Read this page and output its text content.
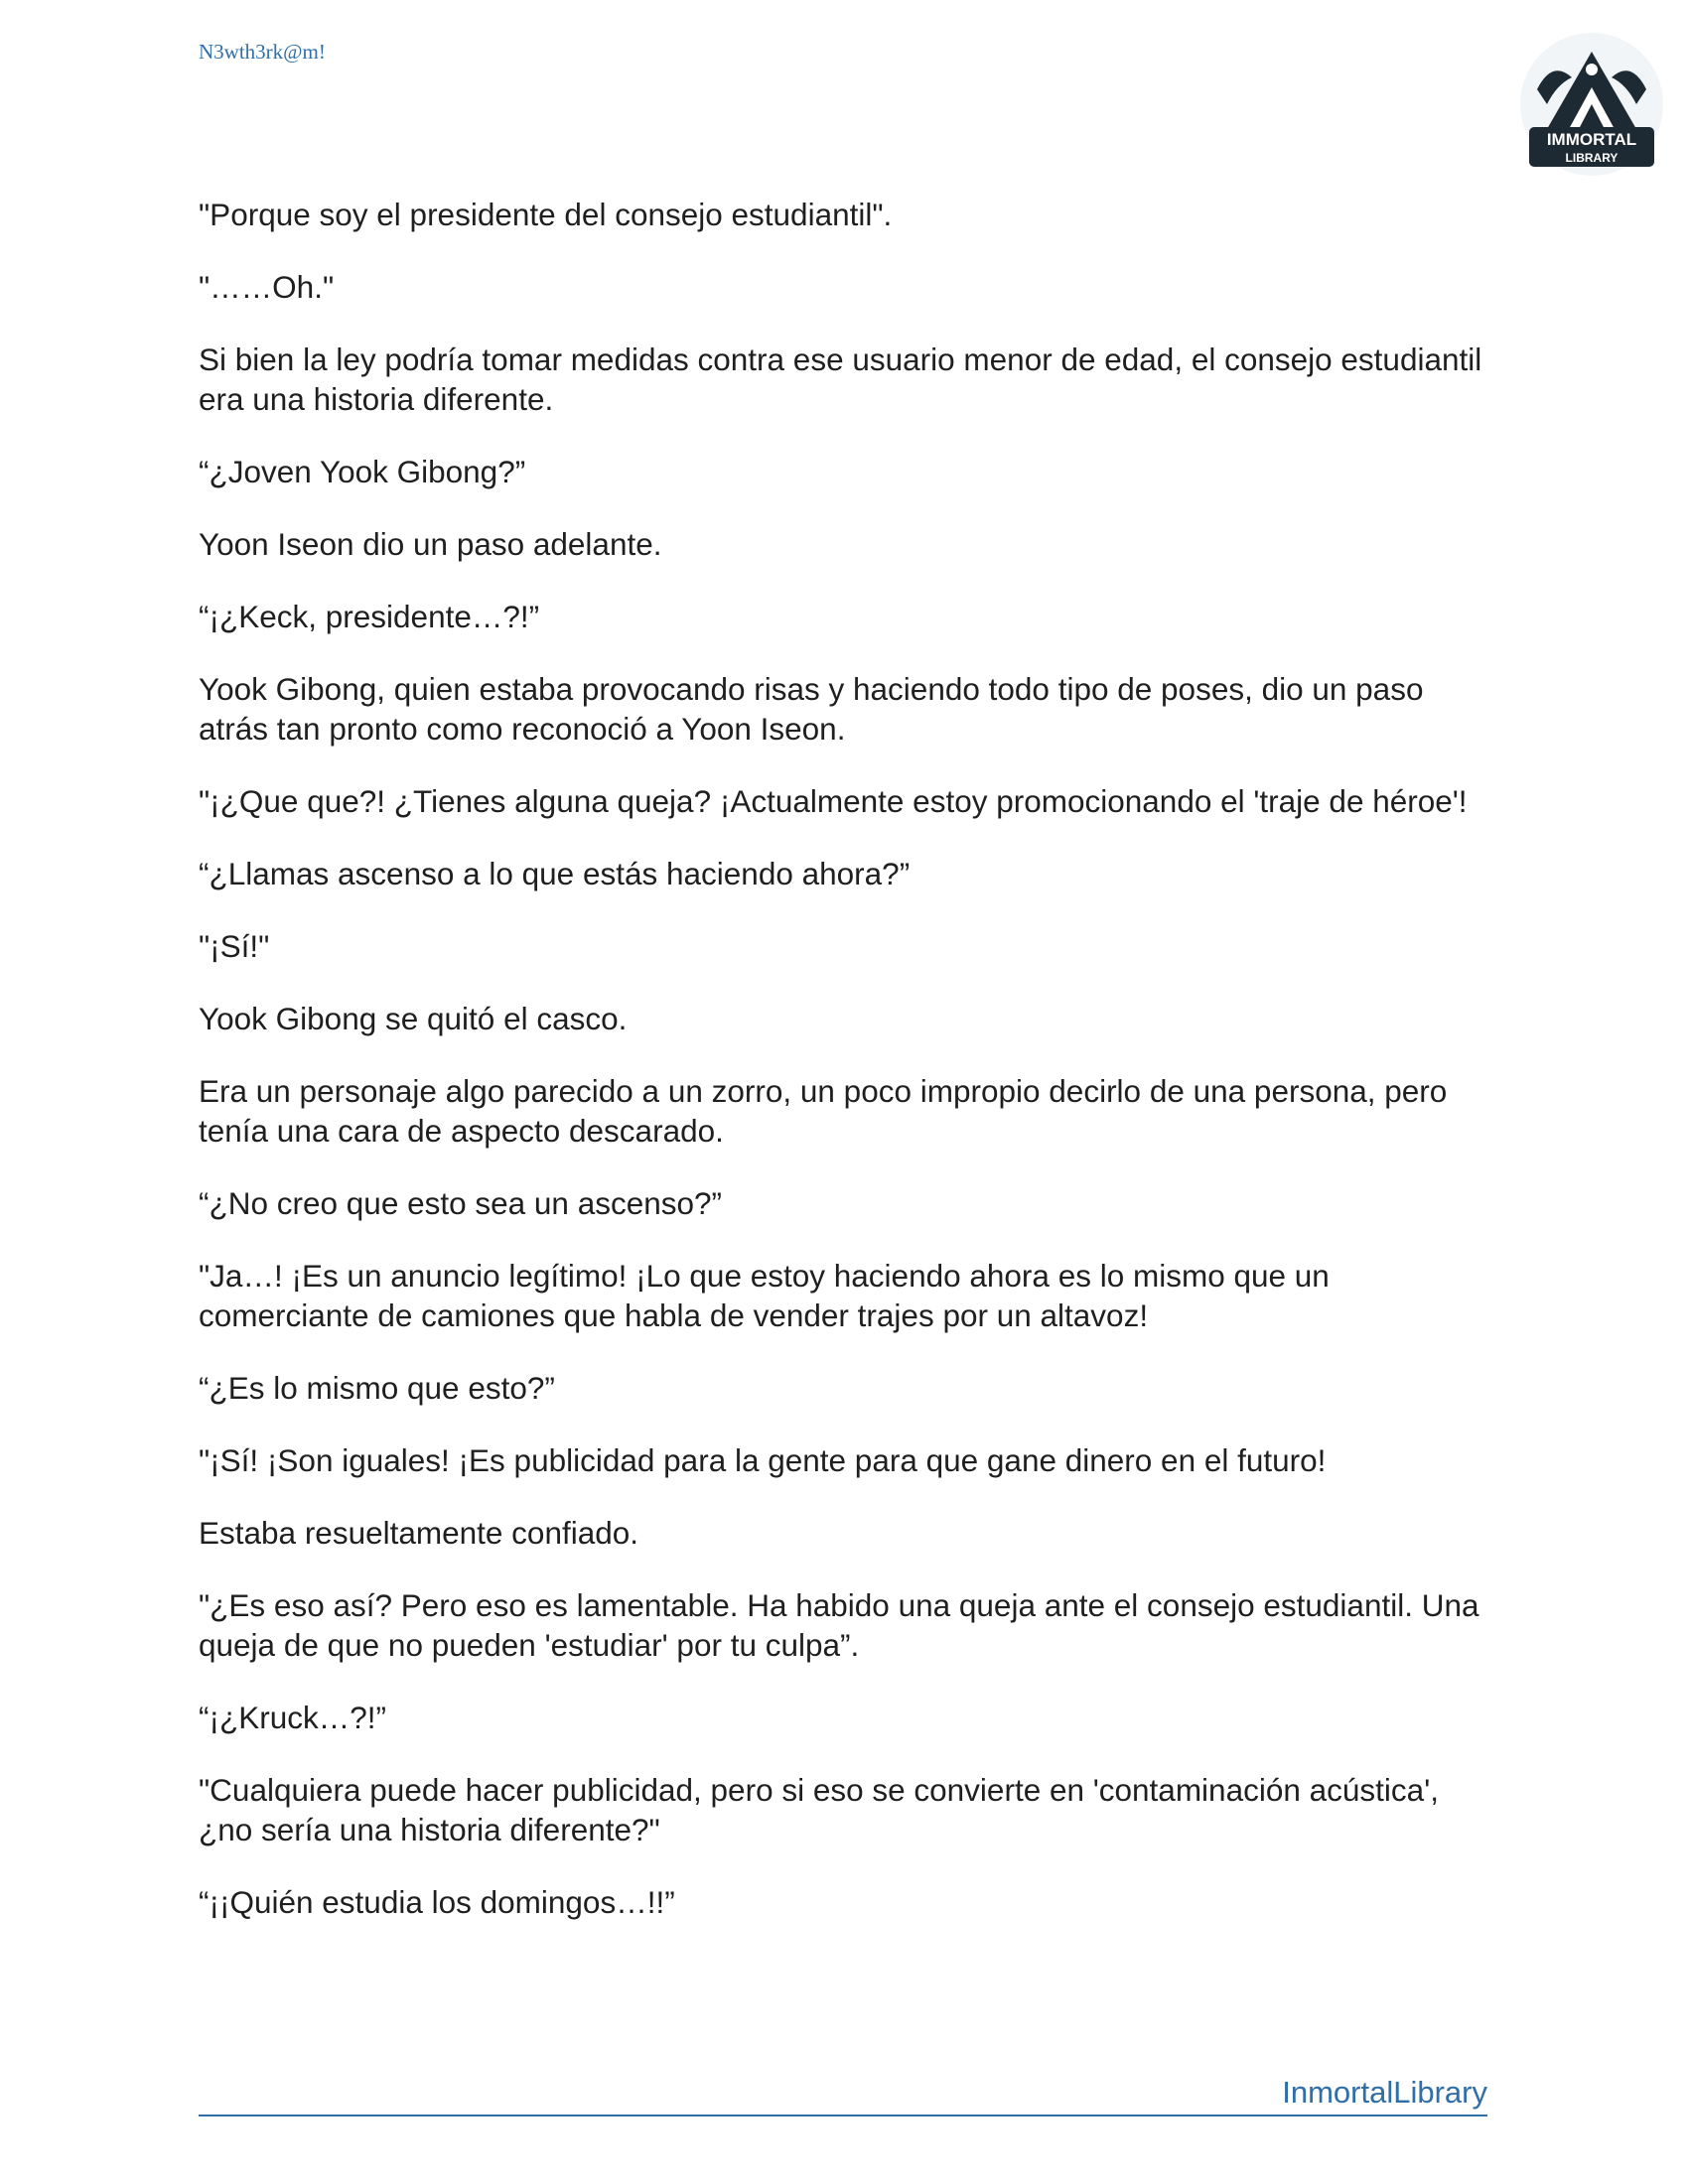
N3wth3rk@m!
IMMORTAL
LIBRARY

"Porque soy el presidente del consejo estudiantil".

"……Oh."

Si bien la ley podría tomar medidas contra ese usuario menor de edad, el consejo estudiantil era una historia diferente.

“¿Joven Yook Gibong?”

Yoon Iseon dio un paso adelante.

“¡¿Keck, presidente…?!”

Yook Gibong, quien estaba provocando risas y haciendo todo tipo de poses, dio un paso atrás tan pronto como reconoció a Yoon Iseon.

"¡¿Que que?! ¿Tienes alguna queja? ¡Actualmente estoy promocionando el 'traje de héroe'!

“¿Llamas ascenso a lo que estás haciendo ahora?”

"¡Sí!"

Yook Gibong se quitó el casco.

Era un personaje algo parecido a un zorro, un poco impropio decirlo de una persona, pero tenía una cara de aspecto descarado.

“¿No creo que esto sea un ascenso?”

"Ja…! ¡Es un anuncio legítimo! ¡Lo que estoy haciendo ahora es lo mismo que un comerciante de camiones que habla de vender trajes por un altavoz!

“¿Es lo mismo que esto?”

"¡Sí! ¡Son iguales! ¡Es publicidad para la gente para que gane dinero en el futuro!

Estaba resueltamente confiado.

"¿Es eso así? Pero eso es lamentable. Ha habido una queja ante el consejo estudiantil. Una queja de que no pueden 'estudiar' por tu culpa”.

“¡¿Kruck…?!”

"Cualquiera puede hacer publicidad, pero si eso se convierte en 'contaminación acústica', ¿no sería una historia diferente?"

“¡¡Quién estudia los domingos…!!”

InmortalLibrary
